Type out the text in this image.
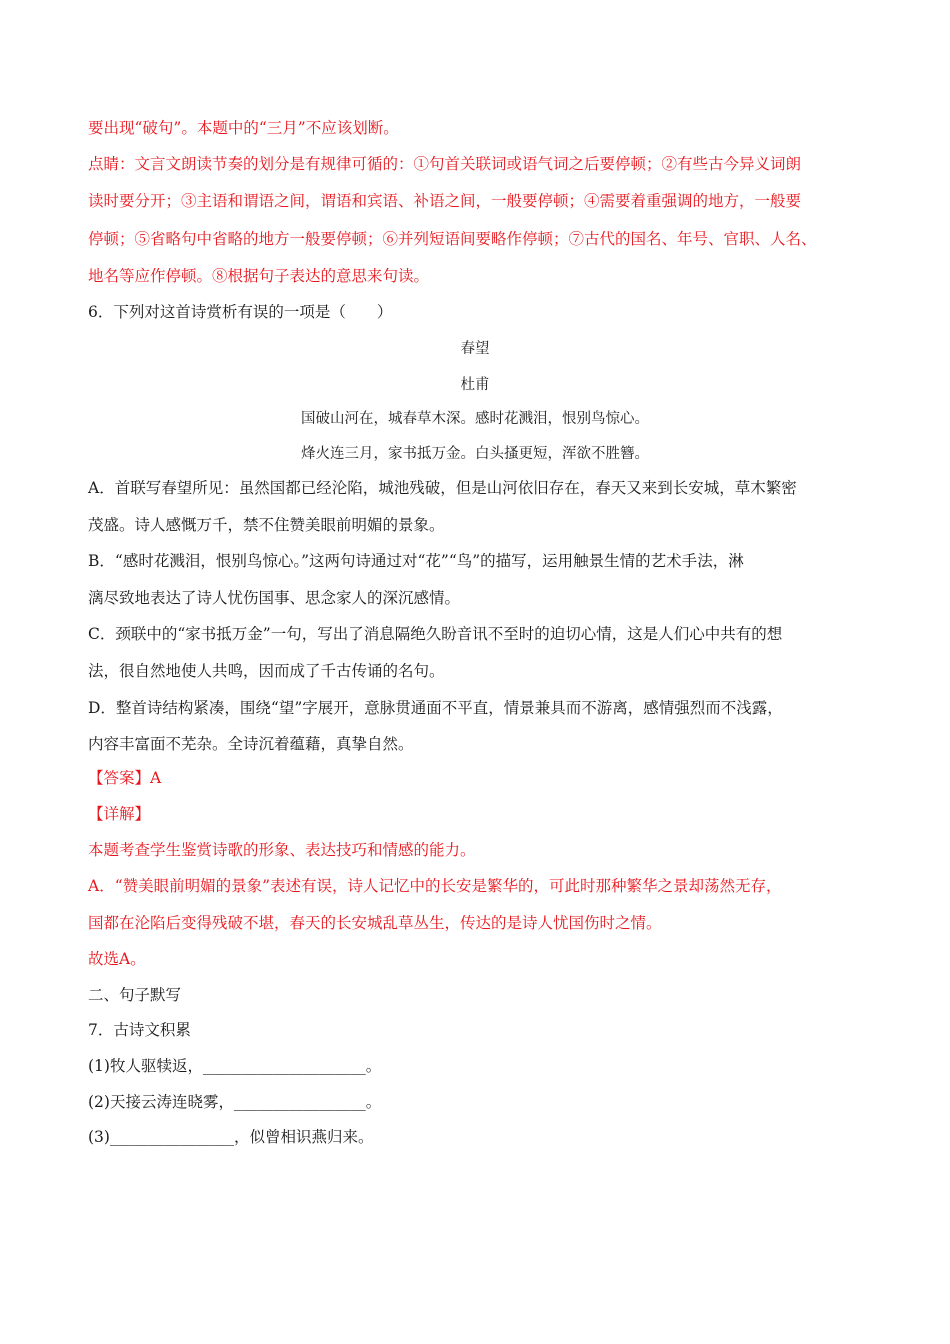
要出现“破句”。本题中的“三月”不应该划断。
点睛：文言文朗读节奏的划分是有规律可循的：①句首关联词或语气词之后要停顿；②有些古今异义词朗
读时要分开；③主语和谓语之间，谓语和宾语、补语之间，一般要停顿；④需要着重强调的地方，一般要
停顿；⑤省略句中省略的地方一般要停顿；⑥并列短语间要略作停顿；⑦古代的国名、年号、官职、人名、
地名等应作停顿。⑧根据句子表达的意思来句读。
6．下列对这首诗赏析有误的一项是（　　）
春望
杜甫
国破山河在，城春草木深。感时花溅泪，恨别鸟惊心。
烽火连三月，家书抵万金。白头搔更短，浑欲不胜簪。
A．首联写春望所见：虽然国都已经沦陷，城池残破，但是山河依旧存在，春天又来到长安城，草木繁密
茂盛。诗人感慨万千，禁不住赞美眼前明媚的景象。
B．“感时花溅泪，恨别鸟惊心。”这两句诗通过对“花”“鸟”的描写，运用触景生情的艺术手法，淋
漓尽致地表达了诗人忧伤国事、思念家人的深沉感情。
C．颈联中的“家书抵万金”一句，写出了消息隔绝久盼音讯不至时的迫切心情，这是人们心中共有的想
法，很自然地使人共鸣，因而成了千古传诵的名句。
D．整首诗结构紧凑，围绕“望”字展开，意脉贯通面不平直，情景兼具而不游离，感情强烈而不浅露，
内容丰富面不芜杂。全诗沉着蕴藉，真挚自然。
【答案】A
【详解】
本题考查学生鉴赏诗歌的形象、表达技巧和情感的能力。
A．“赞美眼前明媚的景象”表述有误，诗人记忆中的长安是繁华的，可此时那种繁华之景却荡然无存，
国都在沦陷后变得残破不堪，春天的长安城乱草丛生，传达的是诗人忧国伤时之情。
故选A。
二、句子默写
7．古诗文积累
(1)牧人驱犊返，_____________________。
(2)天接云涛连晓雾，_________________。
(3)________________，似曾相识燕归来。
